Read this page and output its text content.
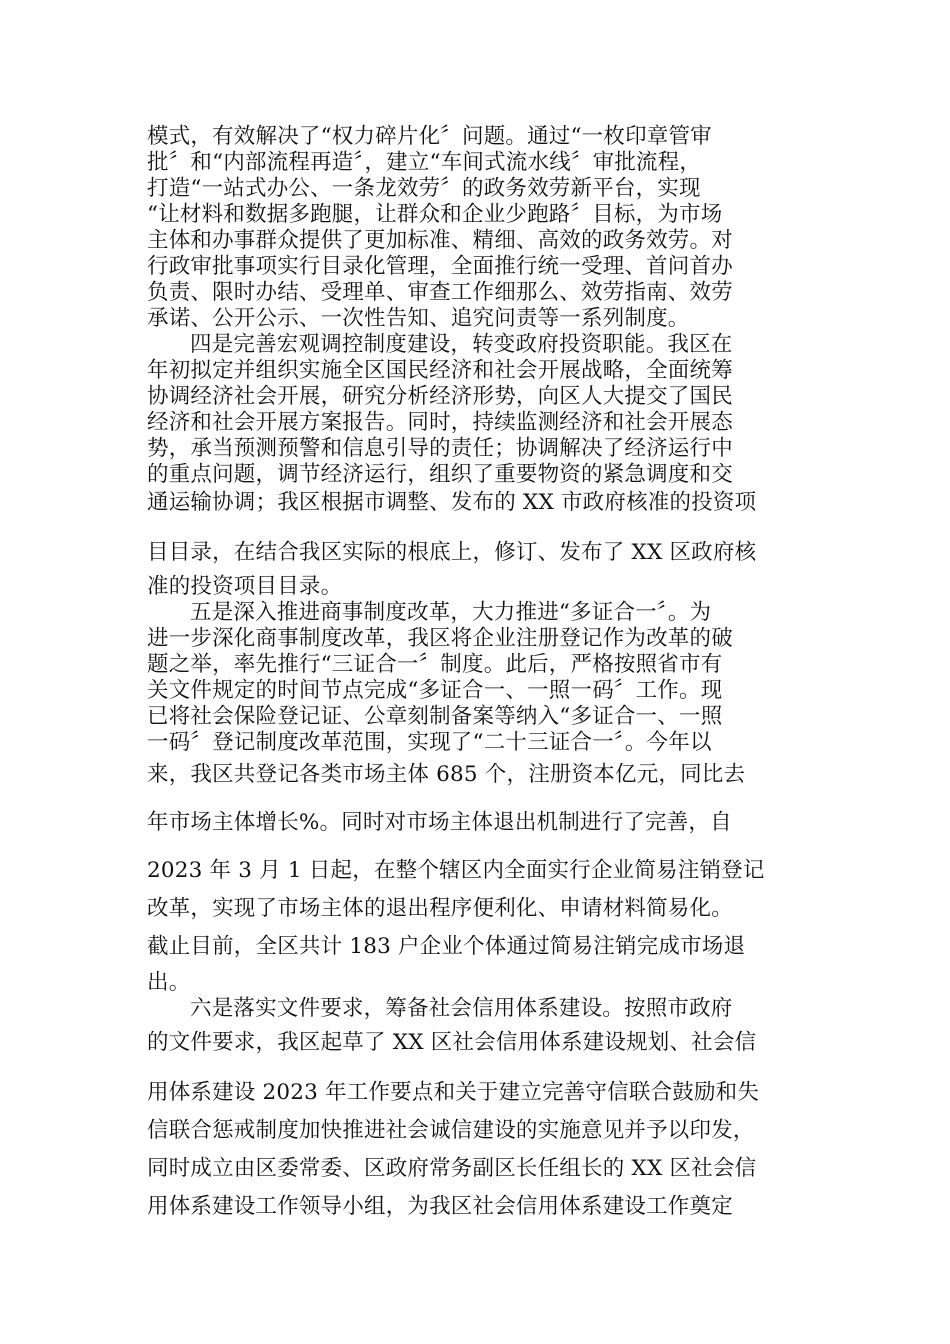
模式，有效解决了“权力碎片化〞问题。通过“一枚印章管审
批〞和“内部流程再造〞，建立“车间式流水线〞审批流程，
打造“一站式办公、一条龙效劳〞的政务效劳新平台，实现
“让材料和数据多跑腿，让群众和企业少跑路〞目标，为市场
主体和办事群众提供了更加标准、精细、高效的政务效劳。对
行政审批事项实行目录化管理，全面推行统一受理、首问首办
负责、限时办结、受理单、审查工作细那么、效劳指南、效劳
承诺、公开公示、一次性告知、追究问责等一系列制度。
四是完善宏观调控制度建设，转变政府投资职能。我区在
年初拟定并组织实施全区国民经济和社会开展战略，全面统筹
协调经济社会开展，研究分析经济形势，向区人大提交了国民
经济和社会开展方案报告。同时，持续监测经济和社会开展态
势，承当预测预警和信息引导的责任；协调解决了经济运行中
的重点问题，调节经济运行，组织了重要物资的紧急调度和交
通运输协调；我区根据市调整、发布的 XX 市政府核准的投资项
目目录，在结合我区实际的根底上，修订、发布了 XX 区政府核
准的投资项目目录。
五是深入推进商事制度改革，大力推进“多证合一〞。为
进一步深化商事制度改革，我区将企业注册登记作为改革的破
题之举，率先推行“三证合一〞制度。此后，严格按照省市有
关文件规定的时间节点完成“多证合一、一照一码〞工作。现
已将社会保险登记证、公章刻制备案等纳入“多证合一、一照
一码〞登记制度改革范围，实现了“二十三证合一〞。今年以
来，我区共登记各类市场主体 685 个，注册资本亿元，同比去
年市场主体增长%。同时对市场主体退出机制进行了完善，自
2023 年 3 月 1 日起，在整个辖区内全面实行企业简易注销登记
改革，实现了市场主体的退出程序便利化、申请材料简易化。
截止目前，全区共计 183 户企业个体通过简易注销完成市场退
出。
六是落实文件要求，筹备社会信用体系建设。按照市政府
的文件要求，我区起草了 XX 区社会信用体系建设规划、社会信
用体系建设 2023 年工作要点和关于建立完善守信联合鼓励和失
信联合惩戒制度加快推进社会诚信建设的实施意见并予以印发，
同时成立由区委常委、区政府常务副区长任组长的 XX 区社会信
用体系建设工作领导小组，为我区社会信用体系建设工作奠定
